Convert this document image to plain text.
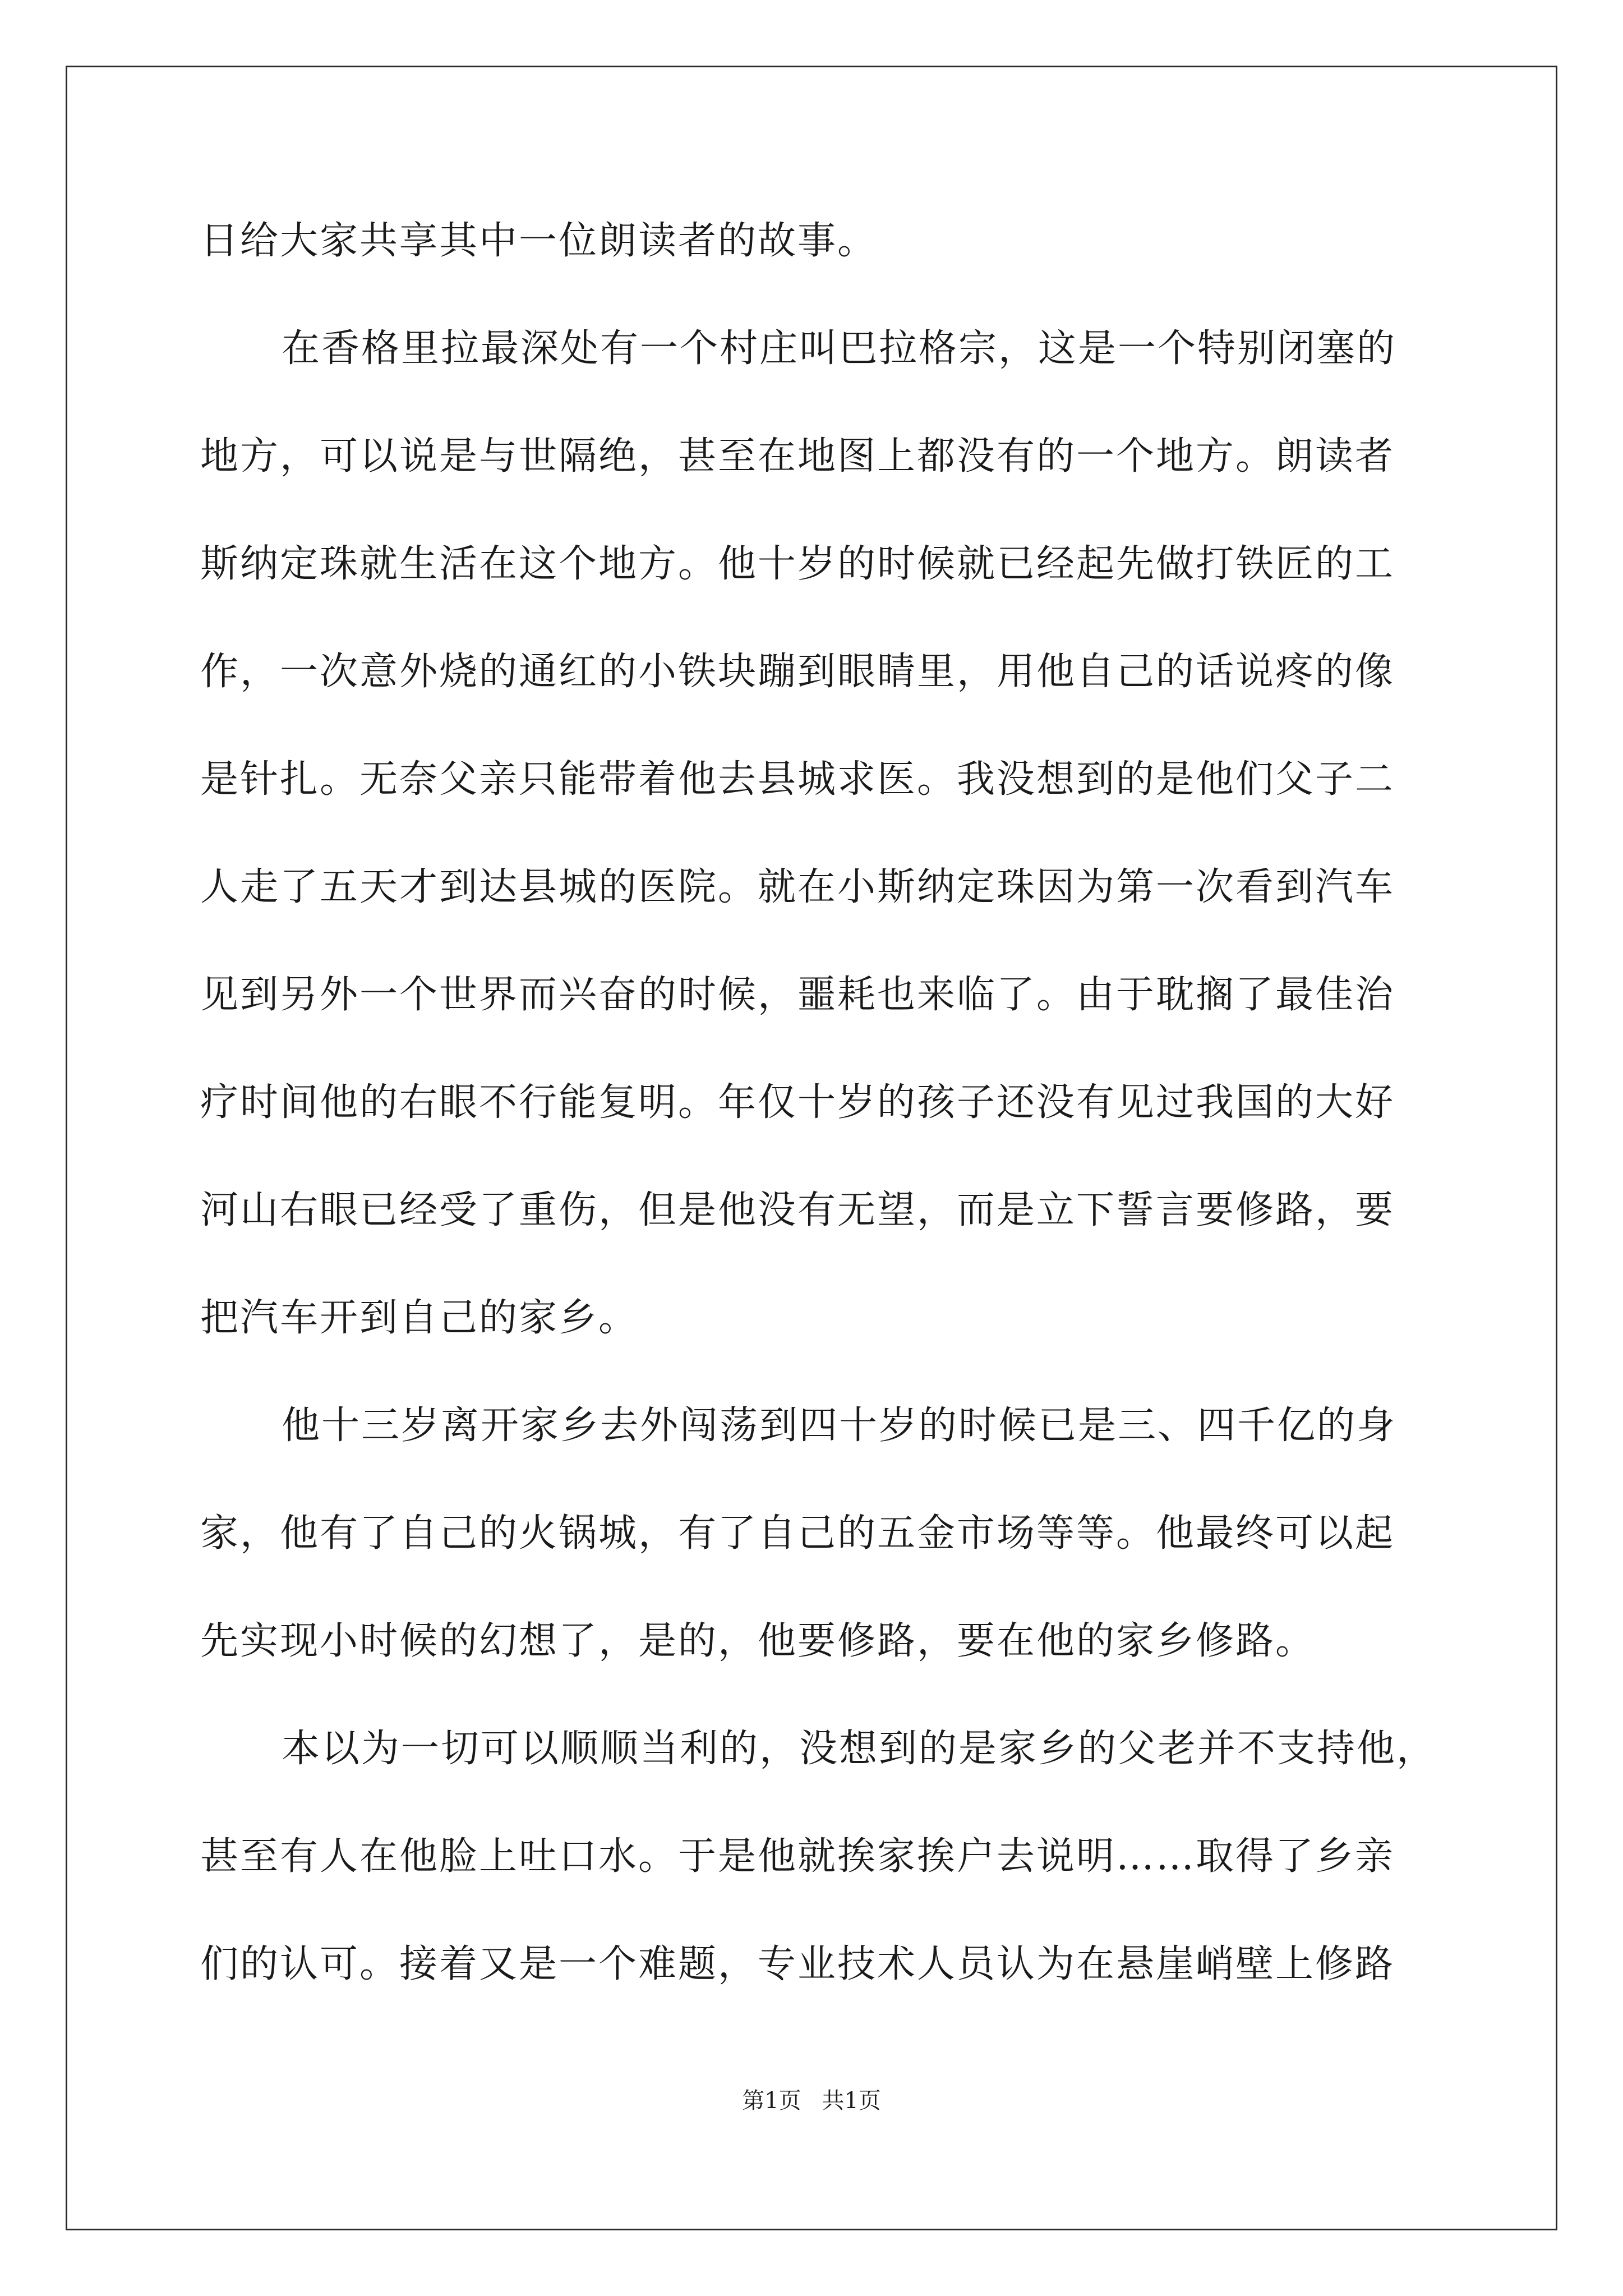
日给大家共享其中一位朗读者的故事。
在香格里拉最深处有一个村庄叫巴拉格宗，这是一个特别闭塞的
地方，可以说是与世隔绝，甚至在地图上都没有的一个地方。朗读者
斯纳定珠就生活在这个地方。他十岁的时候就已经起先做打铁匠的工
作，一次意外烧的通红的小铁块蹦到眼睛里，用他自己的话说疼的像
是针扎。无奈父亲只能带着他去县城求医。我没想到的是他们父子二
人走了五天才到达县城的医院。就在小斯纳定珠因为第一次看到汽车
见到另外一个世界而兴奋的时候，噩耗也来临了。由于耽搁了最佳治
疗时间他的右眼不行能复明。年仅十岁的孩子还没有见过我国的大好
河山右眼已经受了重伤，但是他没有无望，而是立下誓言要修路，要
把汽车开到自己的家乡。
他十三岁离开家乡去外闯荡到四十岁的时候已是三、四千亿的身
家，他有了自己的火锅城，有了自己的五金市场等等。他最终可以起
先实现小时候的幻想了，是的，他要修路，要在他的家乡修路。
本以为一切可以顺顺当利的，没想到的是家乡的父老并不支持他，
甚至有人在他脸上吐口水。于是他就挨家挨户去说明……取得了乡亲
们的认可。接着又是一个难题，专业技术人员认为在悬崖峭壁上修路
第1页 共1页
